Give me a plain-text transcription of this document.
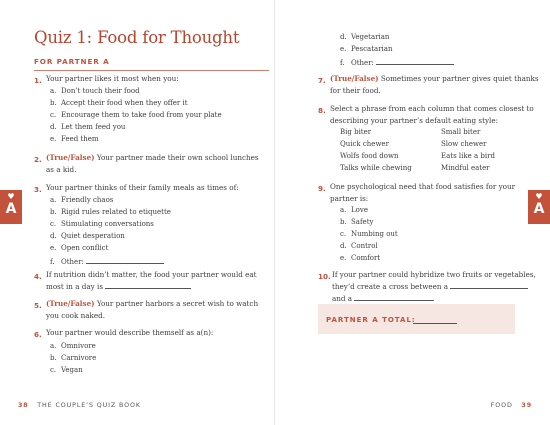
Quiz 1: Food for Thought
FOR PARTNER A
1. Your partner likes it most when you:
a. Don’t touch their food
b. Accept their food when they offer it
c. Encourage them to take food from your plate
d. Let them feed you
e. Feed them
2. (True/False) Your partner made their own school lunches
as a kid.
3. Your partner thinks of their family meals as times of:
a. Friendly chaos
b. Rigid rules related to etiquette
c. Stimulating conversations
d. Quiet desperation
e. Open conflict
f. Other:
4. If nutrition didn’t matter, the food your partner would eat
most in a day is
5. (True/False) Your partner harbors a secret wish to watch
you cook naked.
6. Your partner would describe themself as a(n):
a. Omnivore
b. Carnivore
c. Vegan
♥
A
38 THE COUPLE’S QUIZ BOOK
d. Vegetarian
e. Pescatarian
f. Other:
7. (True/False) Sometimes your partner gives quiet thanks
for their food.
8. Select a phrase from each column that comes closest to
describing your partner’s default eating style:
Big biter
Quick chewer
Wolfs food down
Talks while chewing
Small biter
Slow chewer
Eats like a bird
Mindful eater
9. One psychological need that food satisfies for your
partner is:
a. Love
b. Safety
c. Numbing out
d. Control
e. Comfort
10. If your partner could hybridize two fruits or vegetables,
they’d create a cross between a
and a
PARTNER A TOTAL:
♥
A
FOOD 39
